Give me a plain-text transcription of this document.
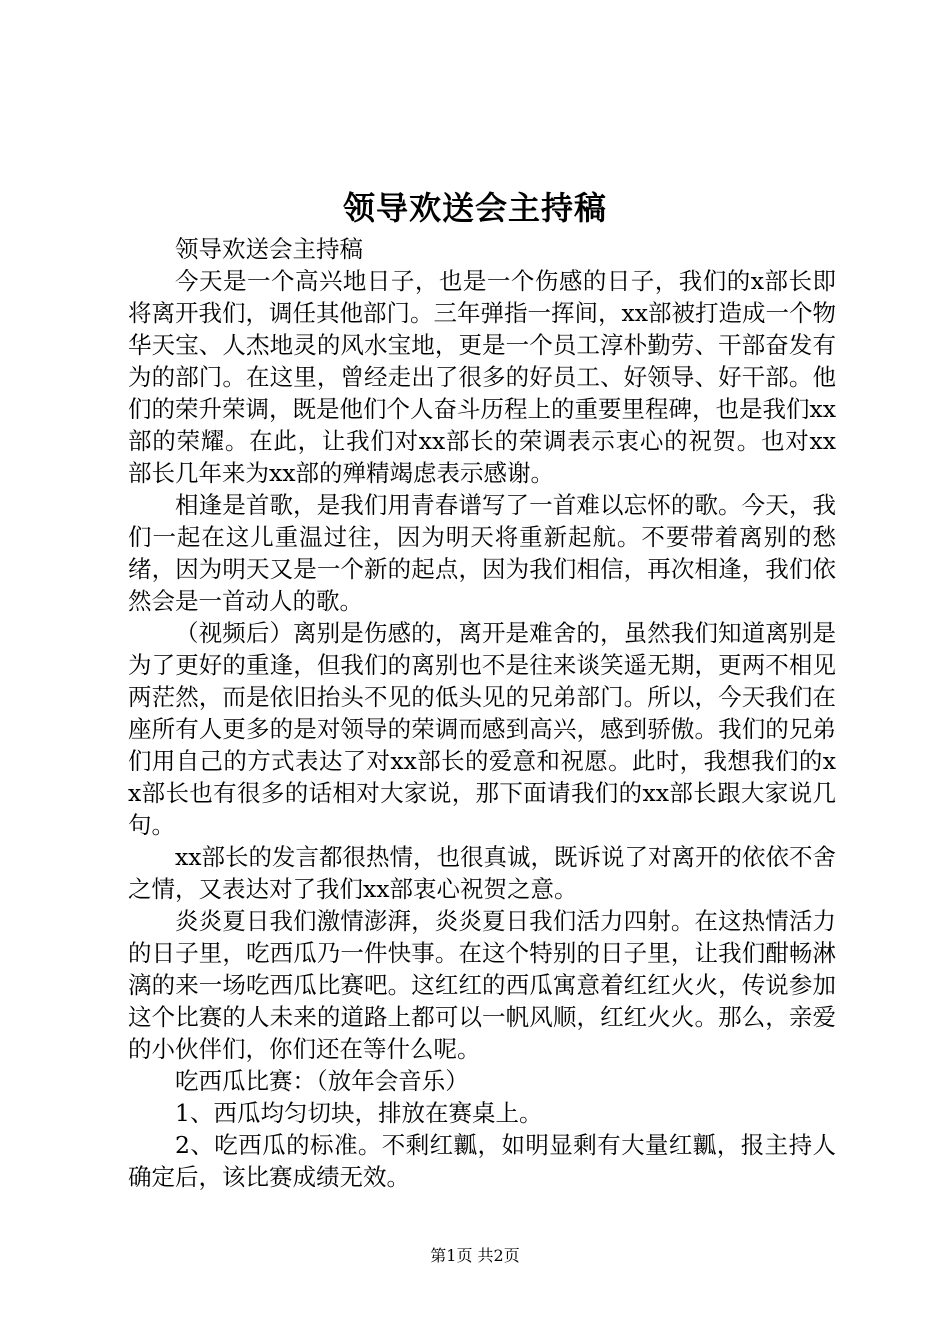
领导欢送会主持稿

领导欢送会主持稿

今天是一个高兴地日子，也是一个伤感的日子，我们的x部长即将离开我们，调任其他部门。三年弹指一挥间，xx部被打造成一个物华天宝、人杰地灵的风水宝地，更是一个员工淳朴勤劳、干部奋发有为的部门。在这里，曾经走出了很多的好员工、好领导、好干部。他们的荣升荣调，既是他们个人奋斗历程上的重要里程碑，也是我们xx部的荣耀。在此，让我们对xx部长的荣调表示衷心的祝贺。也对xx部长几年来为xx部的殚精竭虑表示感谢。

相逢是首歌，是我们用青春谱写了一首难以忘怀的歌。今天，我们一起在这儿重温过往，因为明天将重新起航。不要带着离别的愁绪，因为明天又是一个新的起点，因为我们相信，再次相逢，我们依然会是一首动人的歌。

（视频后）离别是伤感的，离开是难舍的，虽然我们知道离别是为了更好的重逢，但我们的离别也不是往来谈笑遥无期，更两不相见两茫然，而是依旧抬头不见的低头见的兄弟部门。所以，今天我们在座所有人更多的是对领导的荣调而感到高兴，感到骄傲。我们的兄弟们用自己的方式表达了对xx部长的爱意和祝愿。此时，我想我们的xx部长也有很多的话相对大家说，那下面请我们的xx部长跟大家说几句。

xx部长的发言都很热情，也很真诚，既诉说了对离开的依依不舍之情，又表达对了我们xx部衷心祝贺之意。

炎炎夏日我们激情澎湃，炎炎夏日我们活力四射。在这热情活力的日子里，吃西瓜乃一件快事。在这个特别的日子里，让我们酣畅淋漓的来一场吃西瓜比赛吧。这红红的西瓜寓意着红红火火，传说参加这个比赛的人未来的道路上都可以一帆风顺，红红火火。那么，亲爱的小伙伴们，你们还在等什么呢。

吃西瓜比赛：（放年会音乐）

1、西瓜均匀切块，排放在赛桌上。

2、吃西瓜的标准。不剩红瓤，如明显剩有大量红瓤，报主持人确定后，该比赛成绩无效。

第1页 共2页
